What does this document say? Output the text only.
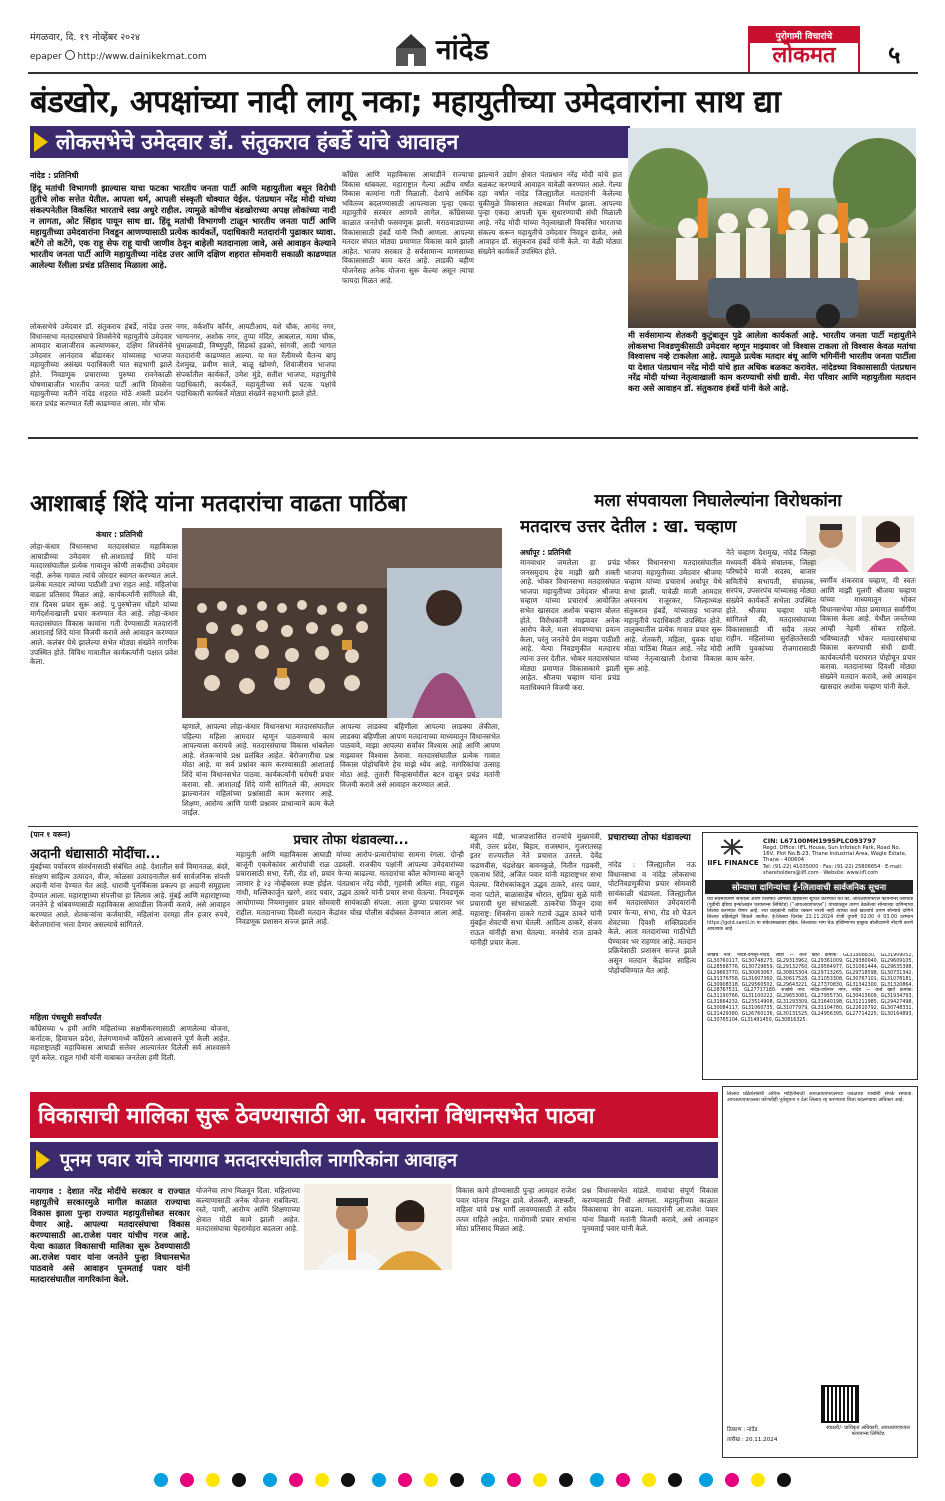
मंगळवार, दि. १९ नोव्हेंबर २०२४
epaper http://www.dainikekmat.com	नांदेड	पुरोगामी विचारांचे
लोकमत	५
बंडखोर, अपक्षांच्या नादी लागू नका; महायुतीच्या उमेदवारांना साथ द्या
लोकसभेचे उमेदवार डॉ. संतुकराव हंबर्डे यांचे आवाहन
नांदेड : प्रतिनिधी
हिंदू मतांची विभागणी झाल्यास याचा फटका भारतीय जनता पार्टी आणि महायुतीला बसून विरोधी तुतीचे लोक सत्तेत येतील. आपला धर्म, आपली संस्कृती धोक्यात येईल. पंतप्रधान नरेंद्र मोदी यांच्या संकल्पनेतील विकसित भारताचे स्वप्न अधुरे राहील. त्यामुळे कोणीच बंडखोराच्या अपक्ष लोकांच्या नादी न लागता, ओट सिंहाद पायून साथ द्या. हिंदू मतांची विभागणी टाळून भारतीय जनता पार्टी आणि महायुतीच्या उमेदवारांना निवडून आणण्यासाठी प्रत्येक कार्यकर्ते, पदाधिकारी मतदारांनी पुढाकार घ्यावा. बटेंगे तो कटेंगे, एक राहू सेफ राहू याची जाणीव ठेवून बाहेली मतदानाला जावे, असे आवाहन केल्याने भारतीय जनता पार्टी आणि महायुतीच्या नांदेड उत्तर आणि दक्षिण शहरात सोमवारी सकाळी काढण्यात आलेल्या रॅलीला प्रचंड प्रतिसाद मिळाला आहे.
लोकसभेचे उमेदवार डॉ. संतुकराव हंबर्डे, नांदेड उत्तर विधानसभा मतदारसंघाचे शिवसेनेचे महायुतीचे उमेदवार आमदार बालाजीराव कल्याणकर, दक्षिण शिवसेनेचे उमेदवार आनंदराव बोंढारकर यांच्यासह भाजपा महायुतीच्या असंख्य पदाधिकारी यात सहभागी झाले होते. निवडणूक प्रचाराच्या पुरुष्या रावनेकाळी घोषणाबाजीत भारतीय जनता पार्टी आणि शिवसेना महायुतीच्या वतीने नांदेड शहरात मोठे शक्ती प्रदर्शन करत प्रचंड करण्यात रॅली काढण्यात आला. मोर चौक
नगर, वर्कशॉप कॉर्नर, आयटीआय, यशे चौक, आनंद नगर, भाग्यनगर, अशोक नगर, तुप्पा मंदिर, आबलाल, मामा चौक, धुमाळवाडी, विष्णुपुरी, सिडको हडको, सांगवी, आदी भागात मतदारांनी काढण्यात आल्या. या मत रॅलीमध्ये चैतन्य बापू देशमुख, प्रवीण साले, बाळू खोमणे, शिवाजीराव भाजपा संपर्कातील कार्यकर्ते, उमेश मुंडे, सतीश भाजपा, महायुतीचे पदाधिकारी, कार्यकर्ते, महायुतीच्या सर्व घटक पक्षांचे पदाधिकारी कार्यकर्ते मोठ्या संख्येने सहभागी झाले होते.
काँग्रेस आणि महाविकास आघाडीने राज्याचा विकास थांबवला. महाराष्ट्रात गेल्या अडीच वर्षांत विकास कामांना गती मिळाली. देशाचे आर्थिक भवितव्य बदलण्यासाठी आपल्याला पुन्हा एकदा महायुतीचे सरकार आणावे लागेल. काँग्रेसच्या काळात जनतेची फसवणूक झाली. मराठवाड्याच्या विकासासाठी हंबर्डे यांनी निधी आणला. आपल्या मतदार संघात मोठ्या प्रमाणात विकास कामे झाली आहेत. भाजप सरकार हे सर्वसामान्य माणसाच्या विकासासाठी काम करत आहे. लाडकी बहीण योजनेसह अनेक योजना सुरू केल्या असून त्याचा फायदा मिळत आहे.
झाल्याने उद्योग क्षेत्रात पंतप्रधान नरेंद्र मोदी यांचे हात बळकट करण्याचे आवाहन यावेळी करण्यात आले. गेल्या दहा वर्षांत नांदेड जिल्ह्यातील मतदारांनी केलेल्या चुकीमुळे विकासात अडथळा निर्माण झाला. आपल्या पुन्हा एकदा आपली चूक सुधारण्याची संधी मिळाली आहे. नरेंद्र मोदी यांच्या नेतृत्वाखाली विकसित भारताचा संकल्प करून महायुतीचे उमेदवार निवडून द्यावेत, असे आवाहन डॉ. संतुकराव हंबर्डे यांनी केले. या वेळी मोठ्या संख्येने कार्यकर्ते उपस्थित होते.
मी सर्वसामान्य शेतकरी कुटुंबातून पुढे आलेला कार्यकर्ता आहे. भारतीय जनता पार्टी महायुतीने लोकसभा निवडणुकीसाठी उमेदवार म्हणून माझ्यावर जो विश्वास टाकला तो विश्वास केवळ मतांचा विश्वासच नव्हे टाकलेला आहे. त्यामुळे प्रत्येक मतदार बंधू आणि भगिनींनी भारतीय जनता पार्टीला या देशात पंतप्रधान नरेंद्र मोदी यांचे हात अधिक बळकट करावेत. नांदेडच्या विकासासाठी पंतप्रधान नरेंद्र मोदी यांच्या नेतृत्वाखाली काम करण्याची संधी द्यावी. मेरा परिवार आणि महायुतीला मतदान करा असे आवाहन डॉ. संतुकराव हंबर्डे यांनी केले आहे.
आशाबाई शिंदे यांना मतदारांचा वाढता पाठिंबा
कंधार : प्रतिनिधी
लोहा-कंधार विधानसभा मतदारसंघात महाविकास आघाडीच्या उमेदवार सौ.आशाताई शिंदे यांना मतदारसंघातील प्रत्येक गावातून कोणी ताकदीचा उमेदवार नाही. अनेक गावात त्यांचे जोरदार स्वागत करण्यात आले. प्रत्येक मतदार त्यांच्या पाठीशी उभा राहत आहे. महिलांचा वाढता प्रतिसाद मिळत आहे. कार्यकर्त्यांनी सांगितले की, रात्र दिवस प्रचार सुरू आहे. पु.पुरुषोत्तम धोंडगे यांच्या मार्गदर्शनाखाली प्रचार करण्यात येत आहे. लोहा-कंधार मतदारसंघात विकास कामांना गती देण्यासाठी मतदारांनी आशाताई शिंदे यांना विजयी करावे असे आवाहन करण्यात आले. कलंबर येथे झालेल्या सभेत मोठ्या संख्येने नागरिक उपस्थित होते. विविध गावातील कार्यकर्त्यांनी पक्षात प्रवेश केला.
म्हणाले, आपल्या लोहा-कंधार विधानसभा मतदारसंघातील पहिल्या महिला आमदार म्हणून पाठवण्याचे काम आपल्याला करायचे आहे. मतदारसंघाचा विकास थांबलेला आहे. शेतकऱ्यांचे प्रश्न प्रलंबित आहेत. बेरोजगारीचा प्रश्न मोठा आहे. या सर्व प्रश्नांवर काम करण्यासाठी आशाताई शिंदे यांना विधानसभेत पाठवा. कार्यकर्त्यांनी घरोघरी प्रचार करावा. सौ. आशाताई शिंदे यांनी सांगितले की, आमदार झाल्यानंतर महिलांच्या प्रश्नांसाठी काम करणार आहे. शिक्षण, आरोग्य आणि पाणी प्रश्नावर प्राधान्याने काम केले जाईल.
आपल्या लाडक्या बहिणीला आपल्या लाडक्या लेकीला, लाडक्या बहिणीला आपण मतदानाच्या माध्यमातून विधानसभेत पाठवावे, माझा आपल्या सर्वांवर विश्वास आहे आणि आपण माझ्यावर विश्वास ठेवावा. मतदारसंघातील प्रत्येक गावात विकास पोहोचविणे हेच माझे ध्येय आहे. नागरिकांचा उत्साह मोठा आहे. तुतारी चिन्हासमोरील बटन दाबून प्रचंड मतांनी विजयी करावे असे आवाहन करण्यात आले.
मला संपवायला निघालेल्यांना विरोधकांना
मतदारच उत्तर देतील : खा. चव्हाण
अर्धापूर : प्रतिनिधी
मानवाधार जमलेला हा प्रचंड जनसमुदाय हेच माझी खरी शक्ती आहे. भोकर विधानसभा मतदारसंघात भाजपा महायुतीच्या उमेदवार श्रीजया चव्हाण यांच्या प्रचारार्थ आयोजित सभेत खासदार अशोक चव्हाण बोलत होते. विरोधकांनी माझ्यावर अनेक आरोप केले, मला संपवण्याचा प्रयत्न केला, परंतु जनतेचे प्रेम माझ्या पाठीशी आहे. येत्या निवडणुकीत मतदारच त्यांना उत्तर देतील. भोकर मतदारसंघात मोठ्या प्रमाणात विकासकामे झाली आहेत. श्रीजया चव्हाण यांना प्रचंड मताधिक्याने विजयी करा.
भोकर विधानसभा मतदारसंघातील भाजपा महायुतीच्या उमेदवार श्रीजया चव्हाण यांच्या प्रचारार्थ अर्धापूर येथे सभा झाली. यावेळी माजी आमदार अमरनाथ राजूरकर, जिल्हाध्यक्ष संतुकराव हंबर्डे, यांच्यासह भाजपा महायुतीचे पदाधिकारी उपस्थित होते. तालुक्यातील प्रत्येक गावात प्रचार सुरू आहे. शेतकरी, महिला, युवक यांचा मोठा पाठिंबा मिळत आहे. नरेंद्र मोदी यांच्या नेतृत्वाखाली देशाचा विकास सुरू आहे.
नेते चव्हाण देशमुख, नांदेड जिल्हा मध्यवर्ती बँकेचे संचालक, जिल्हा परिषदेचे माजी सदस्य, बाजार समितीचे सभापती, संचालक, सरपंच, उपसरपंच यांच्यासह मोठ्या संख्येने कार्यकर्ते सभेला उपस्थित होते. श्रीजया चव्हाण यांनी सांगितले की, मतदारसंघाच्या विकासासाठी मी सदैव तत्पर राहीन. महिलांच्या सुरक्षिततेसाठी आणि युवकांच्या रोजगारासाठी काम करेन.
स्वर्गीय शंकरराव चव्हाण, मी स्वतः आणि माझी मुलगी श्रीजया चव्हाण यांच्या माध्यमातून भोकर विधानसभेचा मोठा प्रमाणात सर्वांगीण विकास केला आहे. येथील जनतेच्या आम्ही नेहमी सोबत राहिलो. भविष्यातही भोकर मतदारसंघाचा विकास करण्याची संधी द्यावी. कार्यकर्त्यांनी घराघरात पोहोचून प्रचार करावा. मतदानाच्या दिवशी मोठ्या संख्येने मतदान करावे, असे आवाहन खासदार अशोक चव्हाण यांनी केले.
(पान १ वरून)
अदानी धंद्यासाठी मोदींचा...
मुंबईच्या पर्यावरण संवर्धनासाठी संबंधित आहे. देशातील सर्व विमानतळ, बंदरे, संरक्षण साहित्य उत्पादन, वीज, कोळसा उत्पादनातील सर्व सार्वजनिक संपत्ती अदानी यांना देण्यात येत आहे. धारावी पुनर्विकास प्रकल्प हा अदानी समूहाला देण्यात आला. महाराष्ट्राच्या संपत्तीचा हा लिलाव आहे. मुंबई आणि महाराष्ट्राच्या जनतेने हे थांबवण्यासाठी महाविकास आघाडीला विजयी करावे, असे आवाहन करण्यात आले. शेतकऱ्यांना कर्जमाफी, महिलांना दरमहा तीन हजार रुपये, बेरोजगारांना भत्ता देणार असल्याचे सांगितले.
महिला पंचसूत्री सर्वांपर्यंत
काँग्रेसच्या ५ हमी आणि महिलांच्या सक्षमीकरणासाठी आणलेल्या योजना, कर्नाटक, हिमाचल प्रदेश, तेलंगणामध्ये काँग्रेसने आश्वासने पूर्ण केली आहेत. महाराष्ट्रातही महाविकास आघाडी सत्तेवर आल्यानंतर दिलेली सर्व आश्वासने पूर्ण करेल. राहुल गांधी यांनी याबाबत जनतेला हमी दिली.
प्रचार तोफा थंडावल्या...
महायुती आणि महाविकास आघाडी यांच्या आरोप-प्रत्यारोपांचा सामना रंगला. दोन्ही बाजूंनी एकमेकांवर आरोपांची राळ उडवली. राजकीय पक्षांनी आपल्या उमेदवारांच्या प्रचारासाठी सभा, रॅली, रोड शो, प्रचार फेऱ्या काढल्या. मतदारांचा कौल कोणाच्या बाजूने जाणार हे २३ नोव्हेंबरला स्पष्ट होईल. पंतप्रधान नरेंद्र मोदी, गृहमंत्री अमित शहा, राहुल गांधी, मल्लिकार्जुन खरगे, शरद पवार, उद्धव ठाकरे यांनी प्रचार सभा घेतल्या. निवडणूक आयोगाच्या नियमानुसार प्रचार सोमवारी सायंकाळी संपला. आता छुप्या प्रचारावर भर राहील. मतदानाच्या दिवशी मतदान केंद्रांवर चोख पोलीस बंदोबस्त ठेवण्यात आला आहे. निवडणूक प्रशासन सज्ज झाले आहे.
बहुजन मंडी, भाजपाशासित राज्यांचे मुख्यमंत्री, मंत्री, उत्तर प्रदेश, बिहार, राजस्थान, गुजरातसह इतर राज्यातील नेते प्रचारात उतरले. देवेंद्र फडणवीस, चंद्रशेखर बावनकुळे, नितीन गडकरी, एकनाथ शिंदे, अजित पवार यांनी महाराष्ट्रभर सभा घेतल्या. विरोधकांकडून उद्धव ठाकरे, शरद पवार, नाना पटोले, बाळासाहेब थोरात, सुप्रिया सुळे यांनी प्रचाराची धुरा सांभाळली. ठाकरेंचा विजून दावा महाराष्ट्र: शिवसेना ठाकरे गटाचे उद्धव ठाकरे यांनी मुंबईत शेवटची सभा घेतली. आदित्य ठाकरे, संजय राऊत यांनीही सभा घेतल्या. मनसेचे राज ठाकरे यांनीही प्रचार केला.
प्रचाराच्या तोफा थंडावल्या
नांदेड : जिल्ह्यातील नऊ विधानसभा व नांदेड लोकसभा पोटनिवडणुकीचा प्रचार सोमवारी सायंकाळी थंडावला. जिल्ह्यातील सर्व मतदारसंघात उमेदवारांनी प्रचार फेऱ्या, सभा, रोड शो घेऊन शेवटच्या दिवशी शक्तिप्रदर्शन केले. आता मतदारांच्या गाठीभेटी घेण्यावर भर राहणार आहे. मतदान प्रक्रियेसाठी प्रशासन सज्ज झाले असून मतदान केंद्रांवर साहित्य पोहोचविण्यात येत आहे.
IIFL FINANCE
CIN: L67100MH1995PLC093797
Regd. Office: IIFL House, Sun Infotech Park, Road No. 16V, Plot No.B-23, Thane Industrial Area, Wagle Estate, Thane - 400604
Tel: (91-22) 41035000 · Fax: (91-22) 25806654 · E-mail: shareholders@iifl.com · Website: www.iifl.com
सोन्याचा दागिन्यांचा ई-लिलावाची सार्वजनिक सूचना
येथे सर्वसाधारण जनतेला आणि विशेषतः आमच्या ग्राहकांना सूचित करण्यात येते की, आयआयएफएल फायनान्स लिमिटेड (पूर्वीची इंडिया इन्फोलाइन फायनान्स लिमिटेड) (“आयआयएफएल”) यांच्याकडून तारण ठेवलेल्या सोन्याच्या दागिन्यांचा लिलाव करण्यात येणार आहे. ज्या ग्राहकांनी थकीत रक्कम भरली नाही त्यांच्या कर्ज खात्यांचे तारण सोन्याचे दागिने लिलाव प्रक्रियेद्वारे विकले जातील. ई-लिलाव दिनांक 22.11.2024 रोजी दुपारी 02.00 ते 03.00 दरम्यान https://gold.samil.in या संकेतस्थळावर होईल. लिलावात भाग घेऊ इच्छिणाऱ्या इच्छुक बोलीदारांनी नोंदणी करणे आवश्यक आहे.
शाखेचे नाव: नांदेड-देगलूर-नांदेड, लोहा — कर्ज खाते क्रमांक: GL31908830, GL31909052, GL30760117, GL30748273, GL29313962, GL29361009, GL29380040, GL29609105, GL28568776, GL30729659, GL29132760, GL29564977, GL31061444, GL29635398, GL29663770, GL30063067, GL30815304, GL29713265, GL29718598, GL30731342, GL31376758, GL31607360, GL30617528, GL31053308, GL30767101, GL31078181, GL30908318, GL29560502, GL29643221, GL27370830, GL31342300, GL31320864, GL28767531, GL27717180. शाखेचे नाव: नांदेड-वर्धमान नगर, नांदेड — कर्ज खाते क्रमांक: GL31190766, GL31100222, GL29653081, GL27955730, GL30413609, GL31934793, GL31664232, GL23514908, GL31293309, GL31640198, GL31211985, GL29427498, GL30084117, GL31060735, GL31077979, GL31104780, GL22610792, GL30748331, GL31429380, GL26760136, GL30131525, GL24956395, GL27714225, GL30164893, GL30765104, GL31491450, GL30816325.
विकासाची मालिका सुरू ठेवण्यासाठी आ. पवारांना विधानसभेत पाठवा
पूनम पवार यांचे नायगाव मतदारसंघातील नागरिकांना आवाहन
नायगाव : देशात नरेंद्र मोदींचे सरकार व राज्यात महायुतीचे सरकारमुळे मागील काळात राज्याचा विकास झाला पुन्हा राज्यात महायुतीसोबत सरकार येणार आहे. आपल्या मतदारसंघाचा विकास करण्यासाठी आ.राजेश पवार यांचीच गरज आहे. येत्या काळात विकासाची मालिका सुरू ठेवण्यासाठी आ.राजेश पवार यांना जनतेने पुन्हा विधानसभेत पाठवावे असे आवाहन पूनमताई पवार यांनी मतदारसंघातील नागरिकांना केले.
योजनेचा लाभ मिळवून दिला. महिलांच्या कल्याणासाठी अनेक योजना राबविल्या. रस्ते, पाणी, आरोग्य आणि शिक्षणाच्या क्षेत्रात मोठी कामे झाली आहेत. मतदारसंघाचा चेहरामोहरा बदलला आहे.
विकास कामे होण्यासाठी पुन्हा आमदार राजेश पवार यांनाच निवडून द्यावे. शेतकरी, कष्टकरी, महिला यांचे प्रश्न मार्गी लावण्यासाठी ते सदैव तत्पर राहिले आहेत. गावोगावी प्रचार सभांना मोठा प्रतिसाद मिळत आहे.
प्रश्न विधानसभेत मांडले. गावांचा संपूर्ण विकास करण्यासाठी निधी आणला. महायुतीच्या काळात विकासाचा वेग वाढला. मतदारांनी आ.राजेश पवार यांना विक्रमी मतांनी विजयी करावे, असे आवाहन पूनमताई पवार यांनी केले.
लिलाव प्रक्रियेसंबंधी अधिक माहितीसाठी आयआयएफएलच्या जवळच्या शाखेशी संपर्क साधावा. आयआयएफएलला कोणतीही पूर्वसूचना न देता लिलाव रद्द करण्याचा किंवा बदलण्याचा अधिकार आहे.
स्वाक्षरी/- प्राधिकृत अधिकारी, आयआयएफएल फायनान्स लिमिटेड
ठिकाण : नांदेड
तारीख : 20.11.2024
